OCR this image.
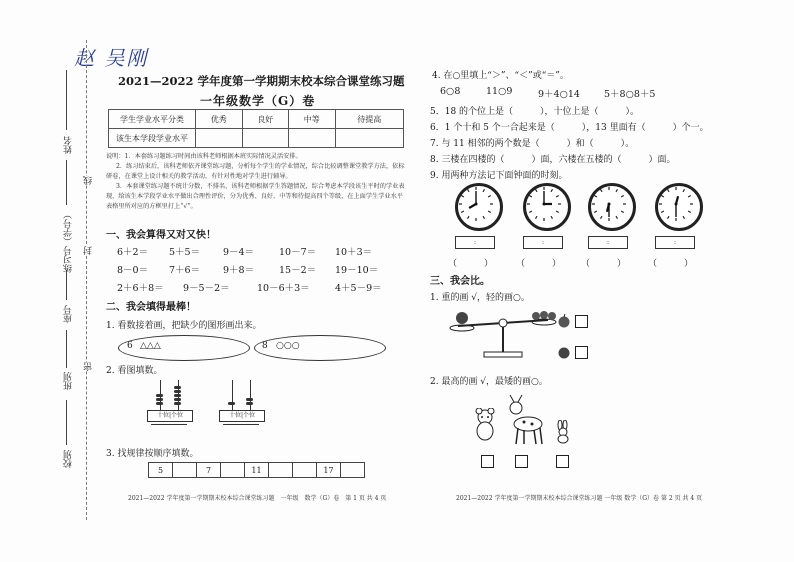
赵 吴刚
姓名
练习号（学号）
座号
班别
校别
线
封
密
2021—2022 学年度第一学期期末校本综合课堂练习题
一年级数学（G）卷
学生学业水平分类	优秀	良好	中等	待提高
该生本学段学业水平				
说明：1．本套练习题练习时间由该科老师根据本班实际情况灵活安排。
2．练习结束后，该科老师依齐课堂练习题，分析每个学生的学业情况，综合比较调整课堂教学方法，依标研卷，在课堂上设计相关的教学活动，有针对性地对学生进行辅导。
3．本套课堂练习题不统计分数，不排名，该科老师根据学生答题情况，综合考虑本学段该生平时的学业表现，给该生本学段学业水平做出合理性评价，分为优秀、良好、中等和待提高四个等级，在上面学生学业水平表格里所对应的方框里打上“√”。
一、我会算得又对又快！
6＋2＝ 5＋5＝ 9－4＝	10－7＝ 10＋3＝
8－0＝ 7＋6＝ 9＋8＝	15－2＝ 19－10＝
2＋6＋8＝ 9－5－2＝	10－6＋3＝	4＋5－9＝
二、我会填得最棒！
1. 看数接着画，把缺少的图形画出来。
6 △△△	8 ○○○
2. 看图填数。
十位|个位	十位|个位
3. 找规律按顺序填数。
5		7		11			17	
2021—2022 学年度第一学期期末校本综合课堂练习题　一年级　数学（G）卷　第 1 页 共 4 页
4. 在○里填上“＞”、“＜”或“＝”。
6○8	11○9	9＋4○14	5＋8○8＋5
5．18 的个位上是（　　　），十位上是（　　　）。
6．1 个十和 5 个一合起来是（　　　），13 里面有（　　　）个一。
7. 与 11 相邻的两个数是（　　　）和（　　　）。
8. 三楼在四楼的（　　　）面，六楼在五楼的（　　　）面。
9. 用两种方法记下面钟面的时刻。
:	:	:	:
（　　　）	（　　　） （　　　） （　　　）
三、我会比。
1. 重的画 √，轻的画○。
2. 最高的画 √，最矮的画○。
2021—2022 学年度第一学期期末校本综合课堂练习题 一年级 数学（G）卷 第 2 页 共 4 页
